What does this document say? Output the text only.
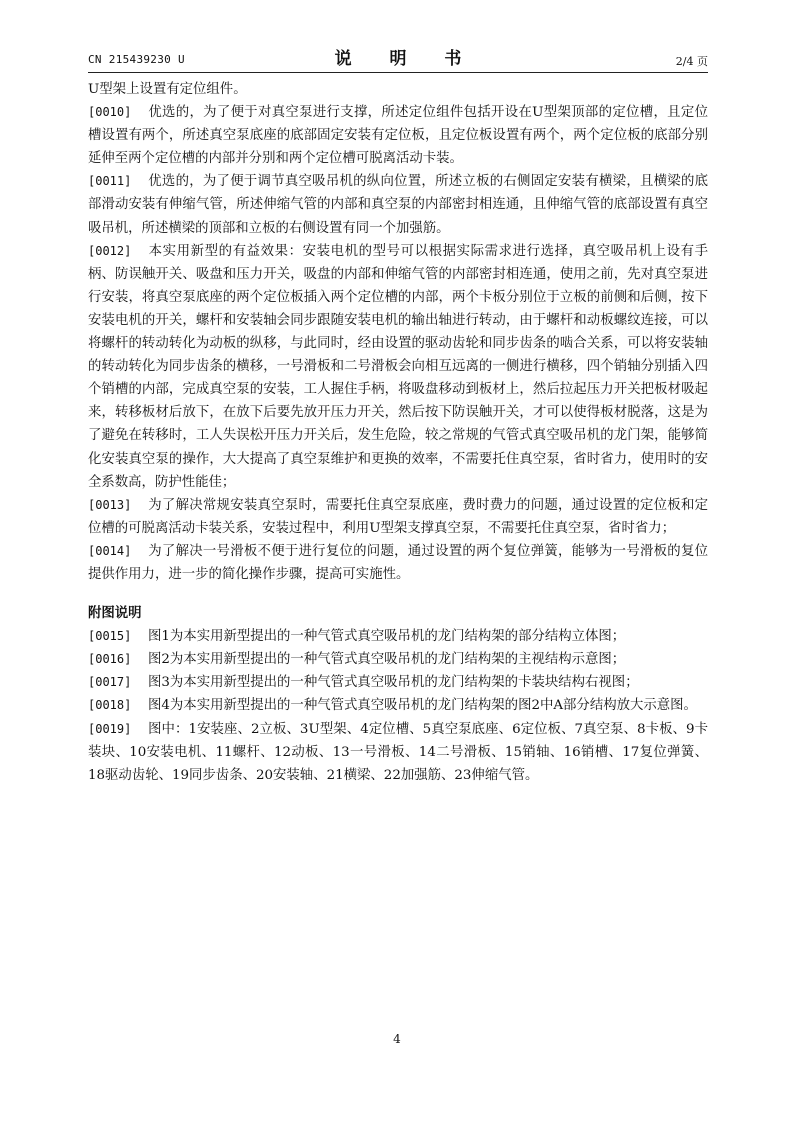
CN 215439230 U	说 明 书	2/4 页

U型架上设置有定位组件。

[0010] 优选的，为了便于对真空泵进行支撑，所述定位组件包括开设在U型架顶部的定位槽，且定位槽设置有两个，所述真空泵底座的底部固定安装有定位板，且定位板设置有两个，两个定位板的底部分别延伸至两个定位槽的内部并分别和两个定位槽可脱离活动卡装。

[0011] 优选的，为了便于调节真空吸吊机的纵向位置，所述立板的右侧固定安装有横梁，且横梁的底部滑动安装有伸缩气管，所述伸缩气管的内部和真空泵的内部密封相连通，且伸缩气管的底部设置有真空吸吊机，所述横梁的顶部和立板的右侧设置有同一个加强筋。

[0012] 本实用新型的有益效果：安装电机的型号可以根据实际需求进行选择，真空吸吊机上设有手柄、防误触开关、吸盘和压力开关，吸盘的内部和伸缩气管的内部密封相连通，使用之前，先对真空泵进行安装，将真空泵底座的两个定位板插入两个定位槽的内部，两个卡板分别位于立板的前侧和后侧，按下安装电机的开关，螺杆和安装轴会同步跟随安装电机的输出轴进行转动，由于螺杆和动板螺纹连接，可以将螺杆的转动转化为动板的纵移，与此同时，经由设置的驱动齿轮和同步齿条的啮合关系，可以将安装轴的转动转化为同步齿条的横移，一号滑板和二号滑板会向相互远离的一侧进行横移，四个销轴分别插入四个销槽的内部，完成真空泵的安装，工人握住手柄，将吸盘移动到板材上，然后拉起压力开关把板材吸起来，转移板材后放下，在放下后要先放开压力开关，然后按下防误触开关，才可以使得板材脱落，这是为了避免在转移时，工人失误松开压力开关后，发生危险，较之常规的气管式真空吸吊机的龙门架，能够简化安装真空泵的操作，大大提高了真空泵维护和更换的效率，不需要托住真空泵，省时省力，使用时的安全系数高，防护性能佳；

[0013] 为了解决常规安装真空泵时，需要托住真空泵底座，费时费力的问题，通过设置的定位板和定位槽的可脱离活动卡装关系，安装过程中，利用U型架支撑真空泵，不需要托住真空泵，省时省力；

[0014] 为了解决一号滑板不便于进行复位的问题，通过设置的两个复位弹簧，能够为一号滑板的复位提供作用力，进一步的简化操作步骤，提高可实施性。

附图说明

[0015] 图1为本实用新型提出的一种气管式真空吸吊机的龙门结构架的部分结构立体图；

[0016] 图2为本实用新型提出的一种气管式真空吸吊机的龙门结构架的主视结构示意图；

[0017] 图3为本实用新型提出的一种气管式真空吸吊机的龙门结构架的卡装块结构右视图；

[0018] 图4为本实用新型提出的一种气管式真空吸吊机的龙门结构架的图2中A部分结构放大示意图。

[0019] 图中：1安装座、2立板、3U型架、4定位槽、5真空泵底座、6定位板、7真空泵、8卡板、9卡装块、10安装电机、11螺杆、12动板、13一号滑板、14二号滑板、15销轴、16销槽、17复位弹簧、18驱动齿轮、19同步齿条、20安装轴、21横梁、22加强筋、23伸缩气管。

4
